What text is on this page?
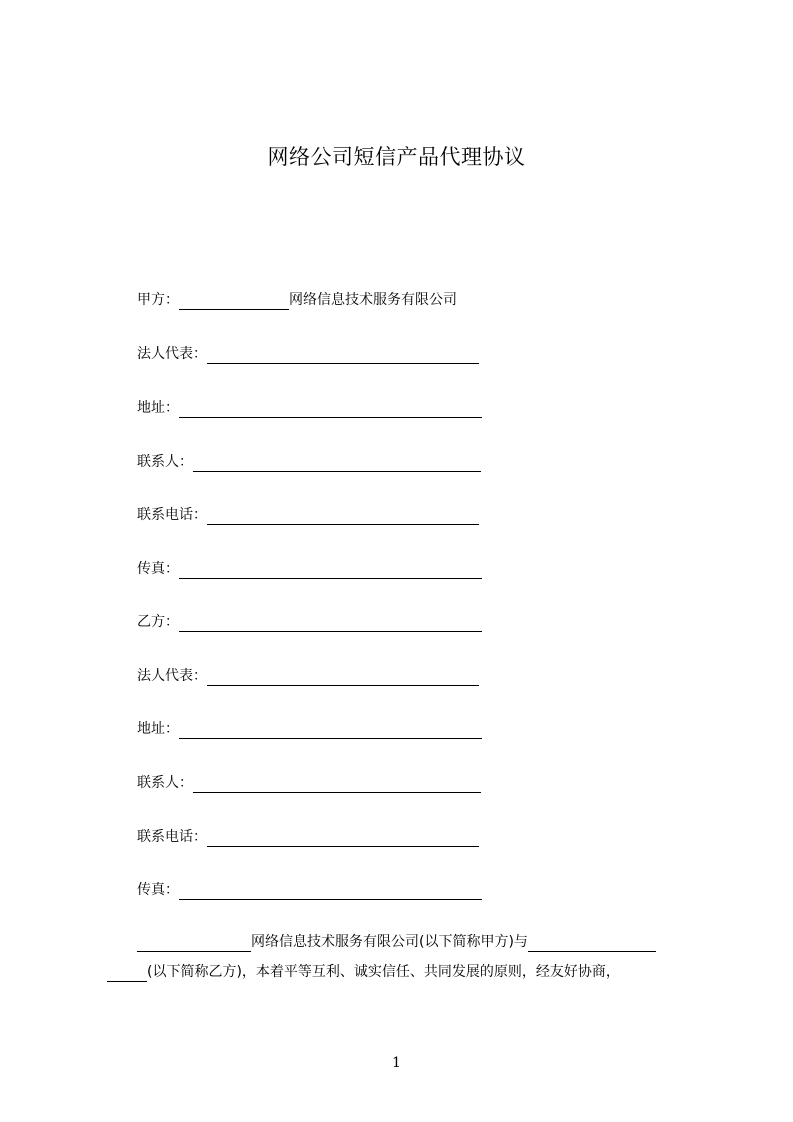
网络公司短信产品代理协议
甲方：	网络信息技术服务有限公司
法人代表：
地址：
联系人：
联系电话：
传真：
乙方：
法人代表：
地址：
联系人：
联系电话：
传真：
网络信息技术服务有限公司(以下简称甲方)与
(以下简称乙方)，本着平等互利、诚实信任、共同发展的原则，经友好协商，
1
